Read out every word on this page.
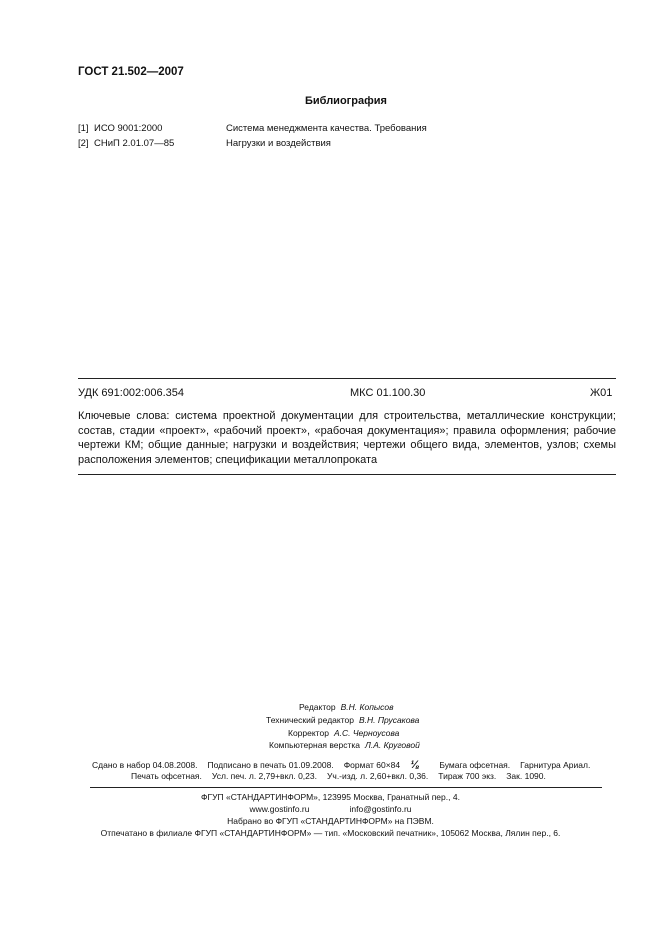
ГОСТ 21.502—2007
Библиография
[1] ИСО 9001:2000	Система менеджмента качества. Требования
[2] СНиП 2.01.07—85	Нагрузки и воздействия
УДК 691:002:006.354	МКС 01.100.30	Ж01
Ключевые слова: система проектной документации для строительства, металлические конструкции; состав, стадии «проект», «рабочий проект», «рабочая документация»; правила оформления; рабочие чертежи КМ; общие данные; нагрузки и воздействия; чертежи общего вида, элементов, узлов; схемы расположения элементов; спецификации металлопроката
Редактор В.Н. Копысов
Технический редактор В.Н. Прусакова
Корректор А.С. Черноусова
Компьютерная верстка Л.А. Круговой
Сдано в набор 04.08.2008. Подписано в печать 01.09.2008. Формат 60×84 ⅛ Бумага офсетная. Гарнитура Ариал.
Печать офсетная. Усл. печ. л. 2,79+вкл. 0,23. Уч.-изд. л. 2,60+вкл. 0,36. Тираж 700 экз. Зак. 1090.
ФГУП «СТАНДАРТИНФОРМ», 123995 Москва, Гранатный пер., 4.
www.gostinfo.ru	info@gostinfo.ru
Набрано во ФГУП «СТАНДАРТИНФОРМ» на ПЭВМ.
Отпечатано в филиале ФГУП «СТАНДАРТИНФОРМ» — тип. «Московский печатник», 105062 Москва, Лялин пер., 6.
